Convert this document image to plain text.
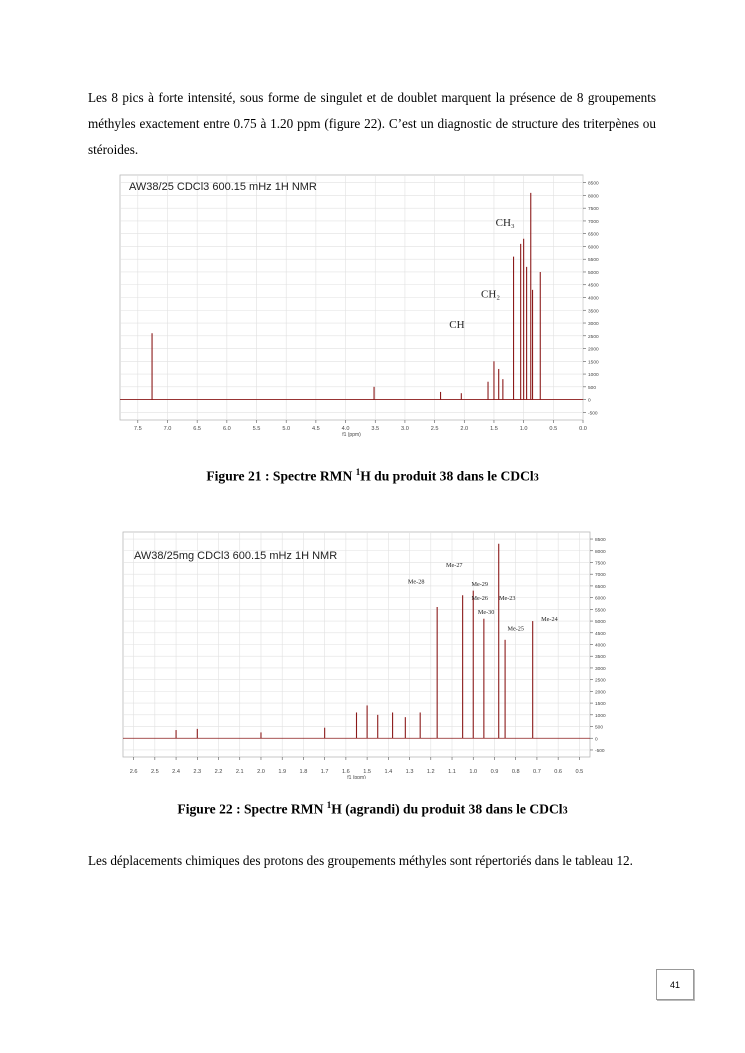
Les 8 pics à forte intensité, sous forme de singulet et de doublet marquent la présence de 8 groupements méthyles exactement entre 0.75 à 1.20 ppm (figure 22). C’est un diagnostic de structure des triterpènes ou stéroides.

8500
8000
7500
7000
6500
6000
5500
5000
4500
4000
3500
3000
2500
2000
1500
1000
500
0
-500
7.5	7.0	6.5	6.0	5.5	5.0	4.5	4.0	3.5	3.0	2.5	2.0	1.5	1.0	0.5	0.0
f1 (ppm)
AW38/25 CDCl3 600.15 mHz 1H NMR
CH₃
CH₂
CH
Figure 21 : Spectre RMN $^1$H du produit 38 dans le CDCl3
8500
8000
7500
7000
6500
6000
5500
5000
4500
4000
3500
3000
2500
2000
1500
1000
500
0
-500
2.6 2.5 2.4 2.3 2.2 2.1 2.0 1.9 1.8 1.7 1.6 1.5 1.4 1.3 1.2 1.1 1.0 0.9 0.8 0.7 0.6 0.5
f1 (ppm)
AW38/25mg CDCl3 600.15 mHz 1H NMR
Me-27
Me-28	Me-29
Me-26 Me-23
Me-30
Me-25
Me-24
Figure 22 : Spectre RMN $^1$H (agrandi) du produit 38 dans le CDCl3

Les déplacements chimiques des protons des groupements méthyles sont répertoriés dans le tableau 12.

41
